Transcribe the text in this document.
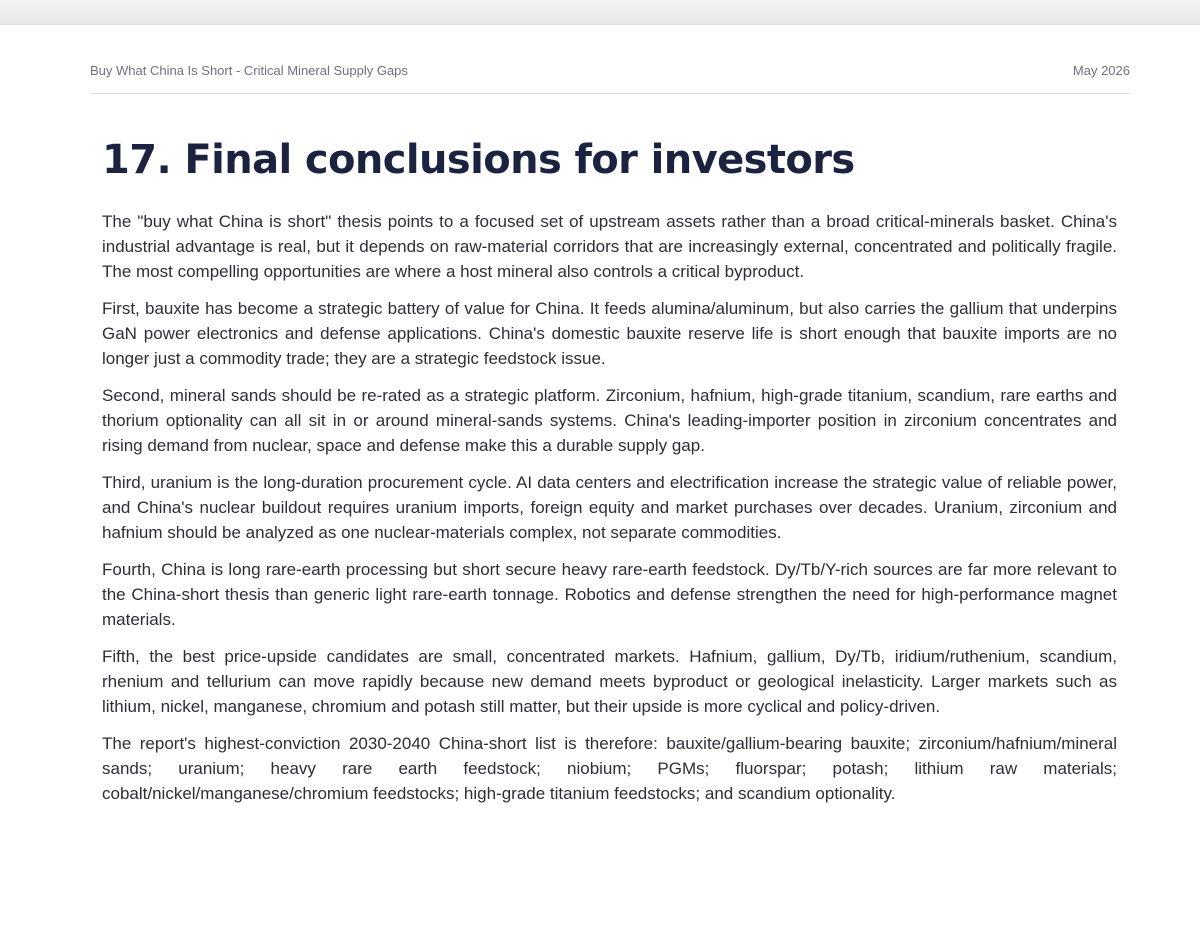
Buy What China Is Short - Critical Mineral Supply Gaps	May 2026
17. Final conclusions for investors

The "buy what China is short" thesis points to a focused set of upstream assets rather than a broad critical-minerals basket. China's industrial advantage is real, but it depends on raw-material corridors that are increasingly external, concentrated and politically fragile. The most compelling opportunities are where a host mineral also controls a critical byproduct.

First, bauxite has become a strategic battery of value for China. It feeds alumina/aluminum, but also carries the gallium that underpins GaN power electronics and defense applications. China's domestic bauxite reserve life is short enough that bauxite imports are no longer just a commodity trade; they are a strategic feedstock issue.

Second, mineral sands should be re-rated as a strategic platform. Zirconium, hafnium, high-grade titanium, scandium, rare earths and thorium optionality can all sit in or around mineral-sands systems. China's leading-importer position in zirconium concentrates and rising demand from nuclear, space and defense make this a durable supply gap.

Third, uranium is the long-duration procurement cycle. AI data centers and electrification increase the strategic value of reliable power, and China's nuclear buildout requires uranium imports, foreign equity and market purchases over decades. Uranium, zirconium and hafnium should be analyzed as one nuclear-materials complex, not separate commodities.

Fourth, China is long rare-earth processing but short secure heavy rare-earth feedstock. Dy/Tb/Y-rich sources are far more relevant to the China-short thesis than generic light rare-earth tonnage. Robotics and defense strengthen the need for high-performance magnet materials.

Fifth, the best price-upside candidates are small, concentrated markets. Hafnium, gallium, Dy/Tb, iridium/ruthenium, scandium, rhenium and tellurium can move rapidly because new demand meets byproduct or geological inelasticity. Larger markets such as lithium, nickel, manganese, chromium and potash still matter, but their upside is more cyclical and policy-driven.

The report's highest-conviction 2030-2040 China-short list is therefore: bauxite/gallium-bearing bauxite; zirconium/hafnium/mineral sands; uranium; heavy rare earth feedstock; niobium; PGMs; fluorspar; potash; lithium raw materials; cobalt/nickel/manganese/chromium feedstocks; high-grade titanium feedstocks; and scandium optionality.
